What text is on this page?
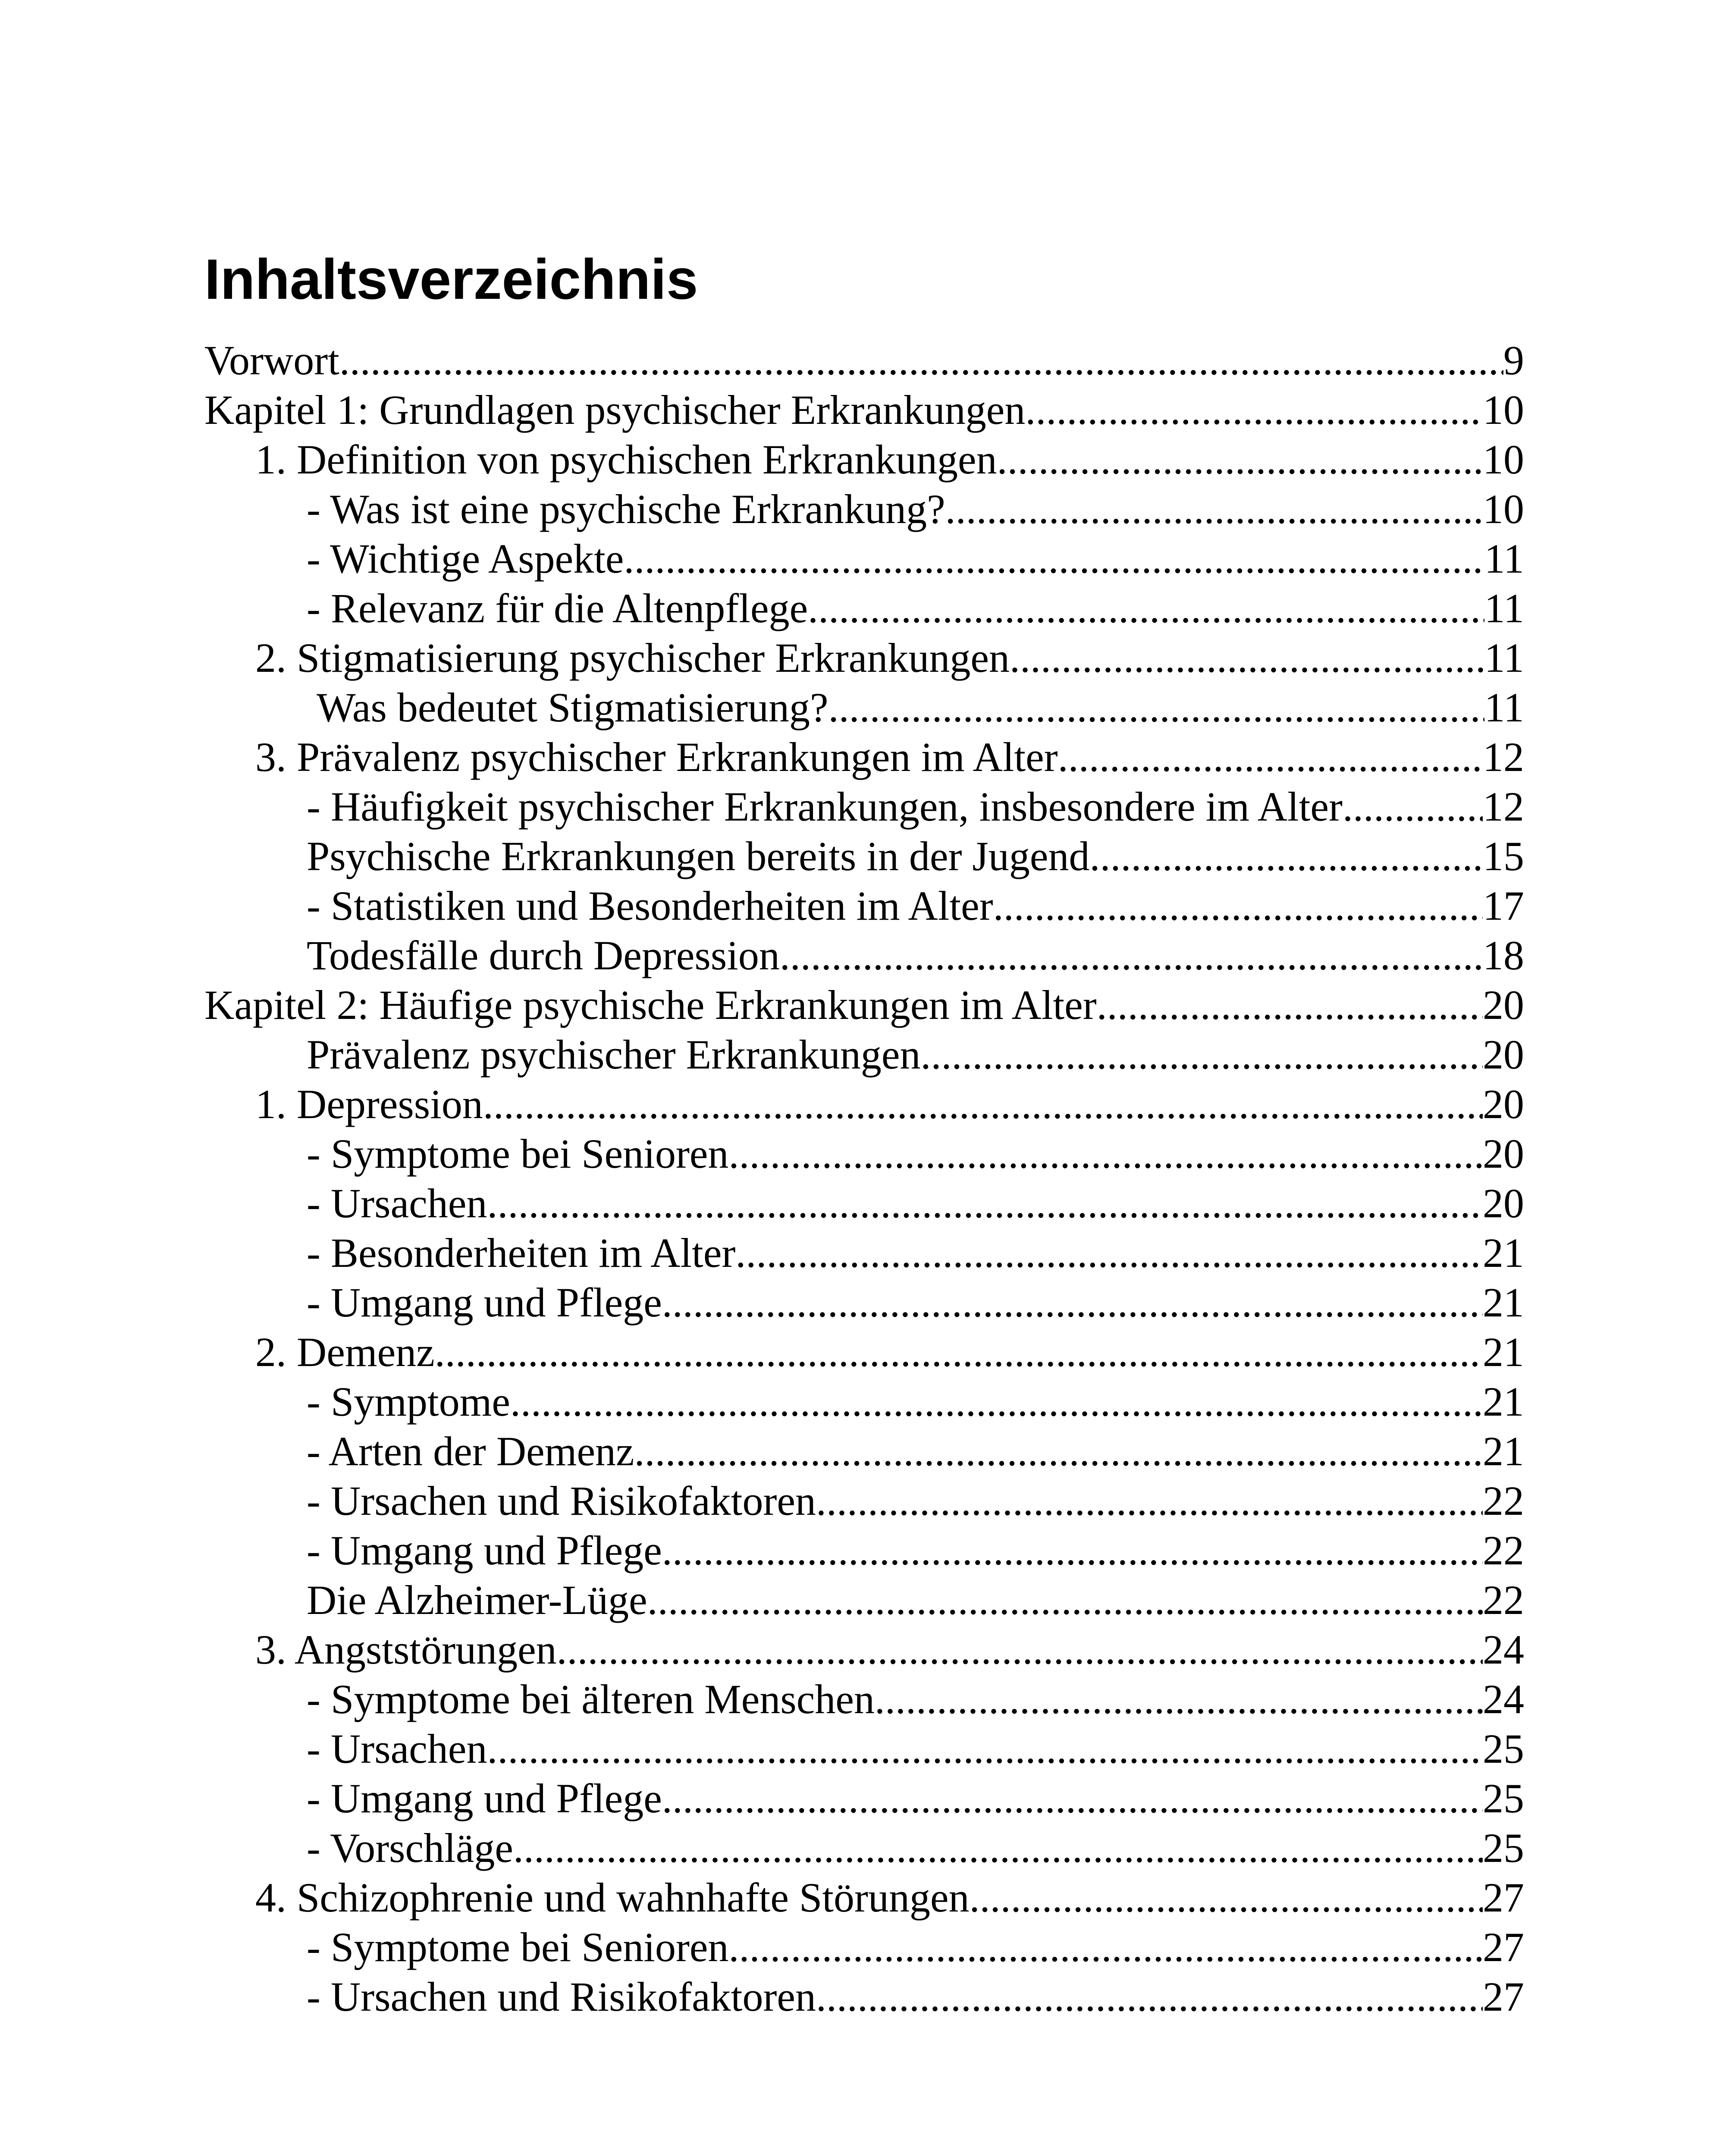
Inhaltsverzeichnis
Vorwort .....	9
Kapitel 1: Grundlagen psychischer Erkrankungen .....	10
1. Definition von psychischen Erkrankungen .....	10
- Was ist eine psychische Erkrankung? .....	10
- Wichtige Aspekte .....	11
- Relevanz für die Altenpflege .....	11
2. Stigmatisierung psychischer Erkrankungen .....	11
Was bedeutet Stigmatisierung? .....	11
3. Prävalenz psychischer Erkrankungen im Alter .....	12
- Häufigkeit psychischer Erkrankungen, insbesondere im Alter .....	12
Psychische Erkrankungen bereits in der Jugend .....	15
- Statistiken und Besonderheiten im Alter .....	17
Todesfälle durch Depression .....	18
Kapitel 2: Häufige psychische Erkrankungen im Alter .....	20
Prävalenz psychischer Erkrankungen .....	20
1. Depression .....	20
- Symptome bei Senioren .....	20
- Ursachen .....	20
- Besonderheiten im Alter .....	21
- Umgang und Pflege .....	21
2. Demenz .....	21
- Symptome .....	21
- Arten der Demenz .....	21
- Ursachen und Risikofaktoren .....	22
- Umgang und Pflege .....	22
Die Alzheimer-Lüge .....	22
3. Angststörungen .....	24
- Symptome bei älteren Menschen .....	24
- Ursachen .....	25
- Umgang und Pflege .....	25
- Vorschläge .....	25
4. Schizophrenie und wahnhafte Störungen .....	27
- Symptome bei Senioren .....	27
- Ursachen und Risikofaktoren .....	27
